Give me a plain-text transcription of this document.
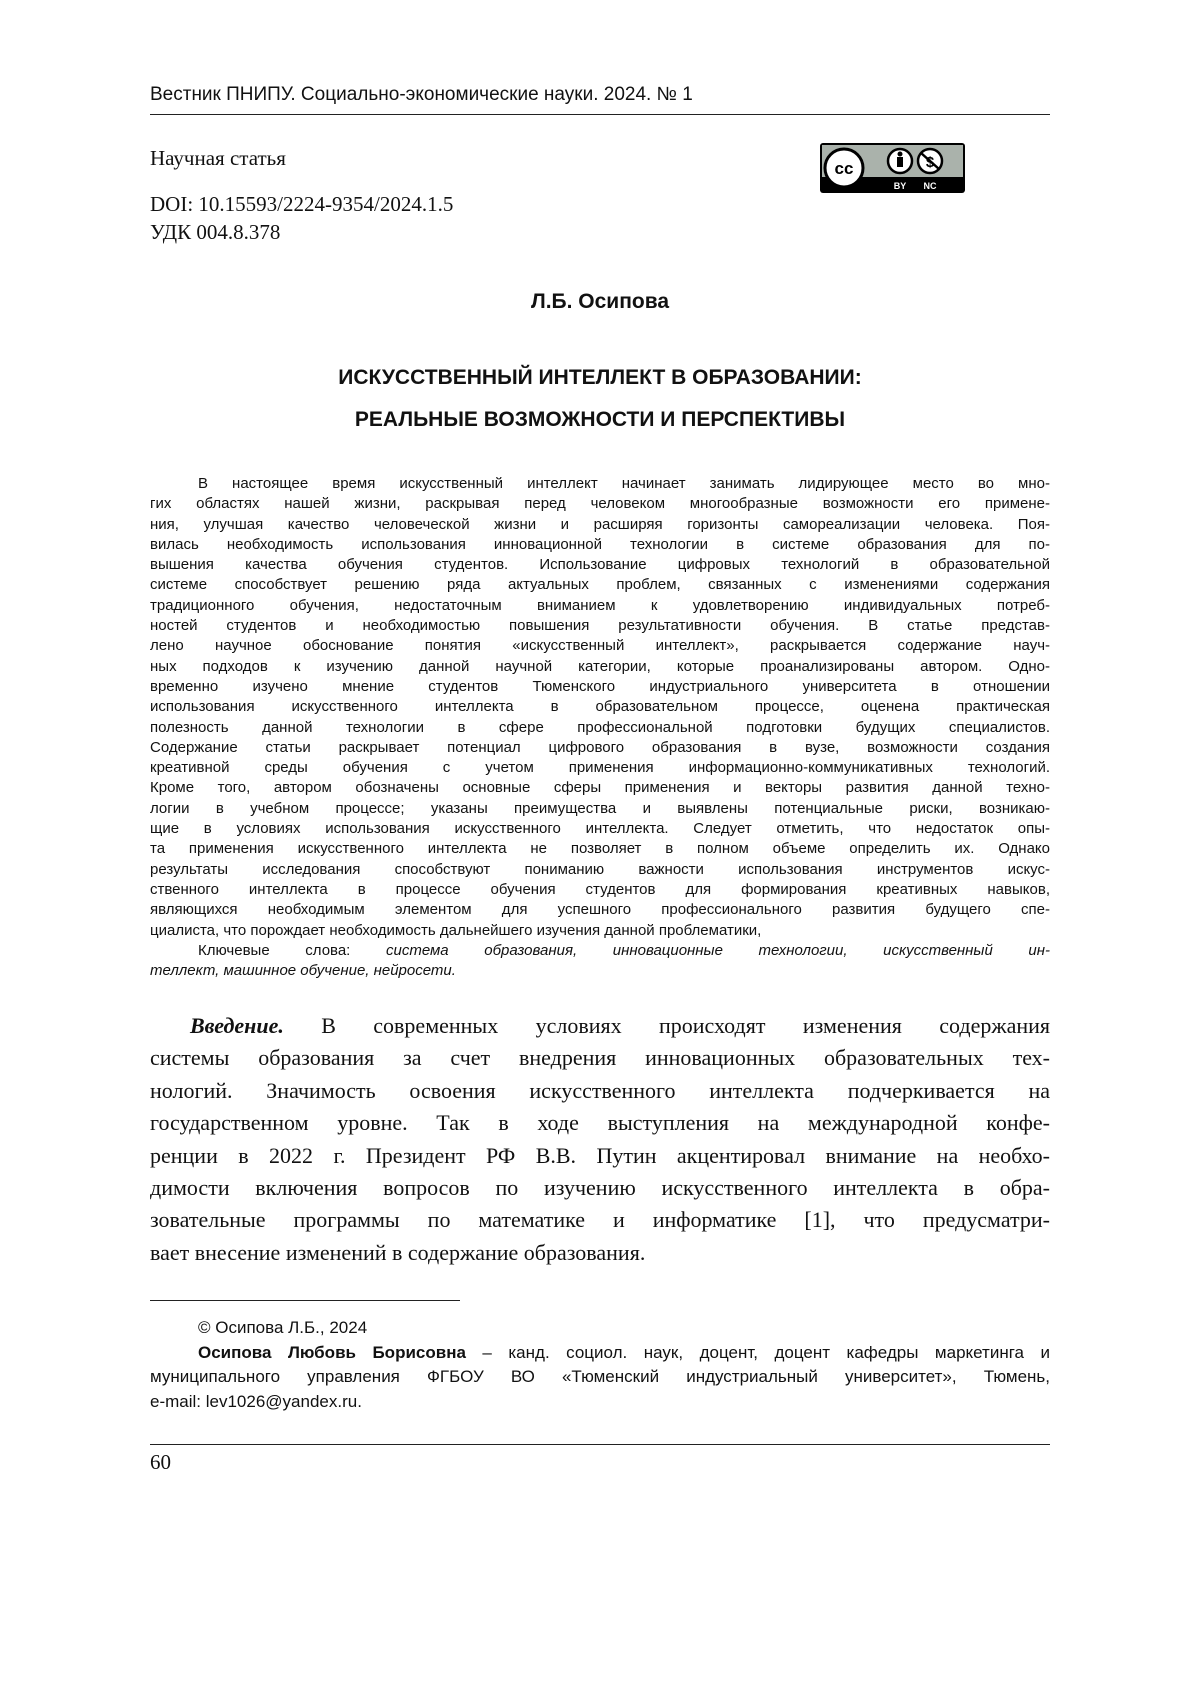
Вестник ПНИПУ. Социально-экономические науки. 2024. № 1
Научная статья
DOI: 10.15593/2224-9354/2024.1.5
УДК 004.8.378
cc
BY NC
Л.Б. Осипова
ИСКУССТВЕННЫЙ ИНТЕЛЛЕКТ В ОБРАЗОВАНИИ:
РЕАЛЬНЫЕ ВОЗМОЖНОСТИ И ПЕРСПЕКТИВЫ
В настоящее время искусственный интеллект начинает занимать лидирующее место во мно-
гих областях нашей жизни, раскрывая перед человеком многообразные возможности его примене-
ния, улучшая качество человеческой жизни и расширяя горизонты самореализации человека. Поя-
вилась необходимость использования инновационной технологии в системе образования для по-
вышения качества обучения студентов. Использование цифровых технологий в образовательной
системе способствует решению ряда актуальных проблем, связанных с изменениями содержания
традиционного обучения, недостаточным вниманием к удовлетворению индивидуальных потреб-
ностей студентов и необходимостью повышения результативности обучения. В статье представ-
лено научное обоснование понятия «искусственный интеллект», раскрывается содержание науч-
ных подходов к изучению данной научной категории, которые проанализированы автором. Одно-
временно изучено мнение студентов Тюменского индустриального университета в отношении
использования искусственного интеллекта в образовательном процессе, оценена практическая
полезность данной технологии в сфере профессиональной подготовки будущих специалистов.
Содержание статьи раскрывает потенциал цифрового образования в вузе, возможности создания
креативной среды обучения с учетом применения информационно-коммуникативных технологий.
Кроме того, автором обозначены основные сферы применения и векторы развития данной техно-
логии в учебном процессе; указаны преимущества и выявлены потенциальные риски, возникаю-
щие в условиях использования искусственного интеллекта. Следует отметить, что недостаток опы-
та применения искусственного интеллекта не позволяет в полном объеме определить их. Однако
результаты исследования способствуют пониманию важности использования инструментов искус-
ственного интеллекта в процессе обучения студентов для формирования креативных навыков,
являющихся необходимым элементом для успешного профессионального развития будущего спе-
циалиста, что порождает необходимость дальнейшего изучения данной проблематики,
Ключевые слова: система образования, инновационные технологии, искусственный ин-
теллект, машинное обучение, нейросети.
Введение. В современных условиях происходят изменения содержания
системы образования за счет внедрения инновационных образовательных тех-
нологий. Значимость освоения искусственного интеллекта подчеркивается на
государственном уровне. Так в ходе выступления на международной конфе-
ренции в 2022 г. Президент РФ В.В. Путин акцентировал внимание на необхо-
димости включения вопросов по изучению искусственного интеллекта в обра-
зовательные программы по математике и информатике [1], что предусматри-
вает внесение изменений в содержание образования.
© Осипова Л.Б., 2024
Осипова Любовь Борисовна – канд. социол. наук, доцент, доцент кафедры маркетинга и
муниципального управления ФГБОУ ВО «Тюменский индустриальный университет», Тюмень,
e-mail: lev1026@yandex.ru.
60
